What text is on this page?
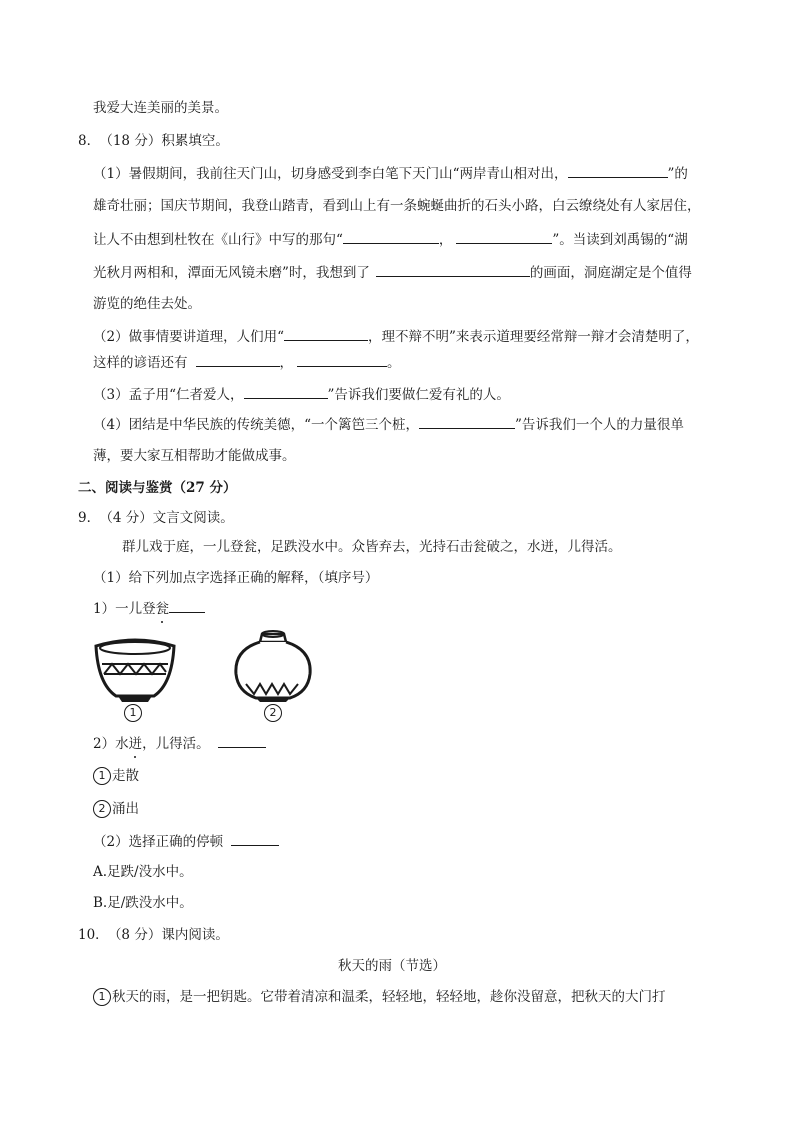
我爱大连美丽的美景。
8． （18 分）积累填空。
（1）暑假期间，我前往天门山，切身感受到李白笔下天门山“两岸青山相对出，	”的
雄奇壮丽；国庆节期间，我登山踏青，看到山上有一条蜿蜒曲折的石头小路，白云缭绕处有人家居住，
让人不由想到杜牧在《山行》中写的那句“	，	”。当读到刘禹锡的“湖
光秋月两相和，潭面无风镜未磨”时，我想到了	的画面，洞庭湖定是个值得
游览的绝佳去处。
（2）做事情要讲道理，人们用“	，理不辩不明”来表示道理要经常辩一辩才会清楚明了，
这样的谚语还有	，	。
（3）孟子用“仁者爱人，	”告诉我们要做仁爱有礼的人。
（4）团结是中华民族的传统美德，“一个篱笆三个桩，	”告诉我们一个人的力量很单
薄，要大家互相帮助才能做成事。
二、阅读与鉴赏（27 分）
9． （4 分）文言文阅读。
群儿戏于庭，一儿登瓮，足跌没水中。众皆弃去，光持石击瓮破之，水迸，儿得活。
（1）给下列加点字选择正确的解释，（填序号）
1）一儿登瓮
1	2
2）水迸，儿得活。
1 走散
2 涌出
（2）选择正确的停顿
A.足跌/没水中。
B.足/跌没水中。
10． （8 分）课内阅读。
秋天的雨（节选）
1 秋天的雨，是一把钥匙。它带着清凉和温柔，轻轻地，轻轻地，趁你没留意，把秋天的大门打
